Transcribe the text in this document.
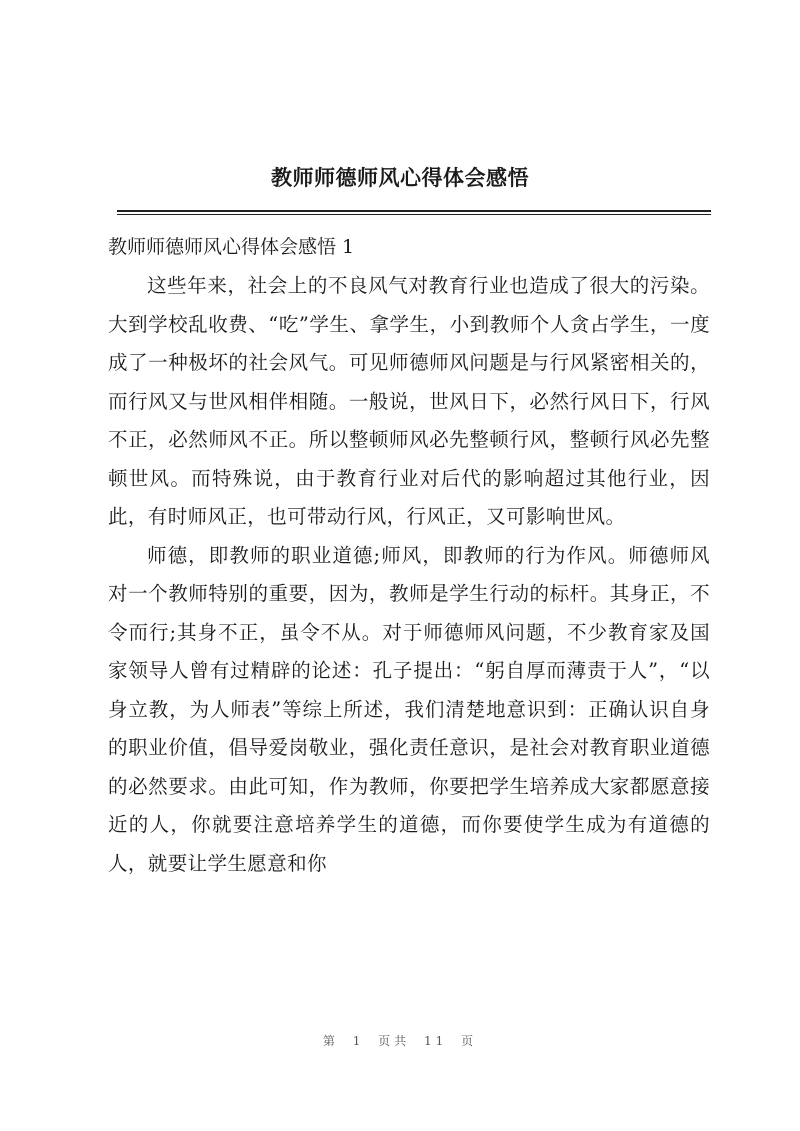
教师师德师风心得体会感悟
教师师德师风心得体会感悟 1

这些年来，社会上的不良风气对教育行业也造成了很大的污染。大到学校乱收费、“吃”学生、拿学生，小到教师个人贪占学生，一度成了一种极坏的社会风气。可见师德师风问题是与行风紧密相关的，而行风又与世风相伴相随。一般说，世风日下，必然行风日下，行风不正，必然师风不正。所以整顿师风必先整顿行风，整顿行风必先整顿世风。而特殊说，由于教育行业对后代的影响超过其他行业，因此，有时师风正，也可带动行风，行风正，又可影响世风。

师德，即教师的职业道德;师风，即教师的行为作风。师德师风对一个教师特别的重要，因为，教师是学生行动的标杆。其身正，不令而行;其身不正，虽令不从。对于师德师风问题，不少教育家及国家领导人曾有过精辟的论述：孔子提出：“躬自厚而薄责于人”，“以身立教，为人师表”等综上所述，我们清楚地意识到：正确认识自身的职业价值，倡导爱岗敬业，强化责任意识，是社会对教育职业道德的必然要求。由此可知，作为教师，你要把学生培养成大家都愿意接近的人，你就要注意培养学生的道德，而你要使学生成为有道德的人，就要让学生愿意和你

第 1 页共 11 页
